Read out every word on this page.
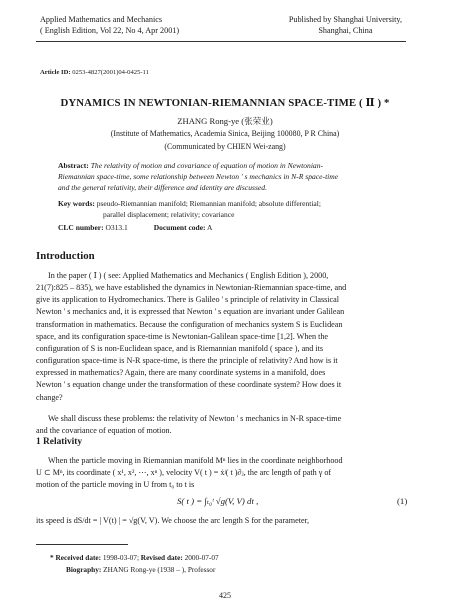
Applied Mathematics and Mechanics
( English Edition, Vol 22, No 4, Apr 2001)
Published by Shanghai University,
Shanghai, China
Article ID: 0253-4827(2001)04-0425-11
DYNAMICS IN NEWTONIAN-RIEMANNIAN SPACE-TIME ( Ⅱ ) *
ZHANG Rong-ye (张荣业)
(Institute of Mathematics, Academia Sinica, Beijing 100080, P R China)
(Communicated by CHIEN Wei-zang)
Abstract: The relativity of motion and covariance of equation of motion in Newtonian-
Riemannian space-time, some relationship between Newton ' s mechanics in N-R space-time
and the general relativity, their difference and identity are discussed.
Key words: pseudo-Riemannian manifold; Riemannian manifold; absolute differential;
parallel displacement; relativity; covariance
CLC number: O313.1	Document code: A
Introduction
In the paper ( Ⅰ ) ( see: Applied Mathematics and Mechanics ( English Edition ), 2000,
21(7):825 – 835), we have established the dynamics in Newtonian-Riemannian space-time, and
give its application to Hydromechanics. There is Galileo ' s principle of relativity in Classical
Newton ' s mechanics and, it is expressed that Newton ' s equation are invariant under Galilean
transformation in mathematics. Because the configuration of mechanics system S is Euclidean
space, and its configuration space-time is Newtonian-Galilean space-time [1,2]. When the
configuration of S is non-Euclidean space, and is Riemannian manifold ( space ), and its
configuration space-time is N-R space-time, is there the principle of relativity? And how is it
expressed in mathematics? Again, there are many coordinate systems in a manifold, does
Newton ' s equation change under the transformation of these coordinate system? How does it
change?
We shall discuss these problems: the relativity of Newton ' s mechanics in N-R space-time
and the covariance of equation of motion.
1 Relativity
When the particle moving in Riemannian manifold Mⁿ lies in the coordinate neighborhood
U ⊂ Mⁿ, its coordinate ( x¹, x², ⋯, xⁿ ), velocity V( t ) = ẋʲ( t )∂ⱼ, the arc length of path γ of
motion of the particle moving in U from t₀ to t is
S( t ) = ∫ₜ₀ᵗ √g(V, V) dt ,	(1)
its speed is dS/dt = | V(t) | = √g(V, V). We choose the arc length S for the parameter,
* Received date: 1998-03-07; Revised date: 2000-07-07
Biography: ZHANG Rong-ye (1938 – ), Professor
425
